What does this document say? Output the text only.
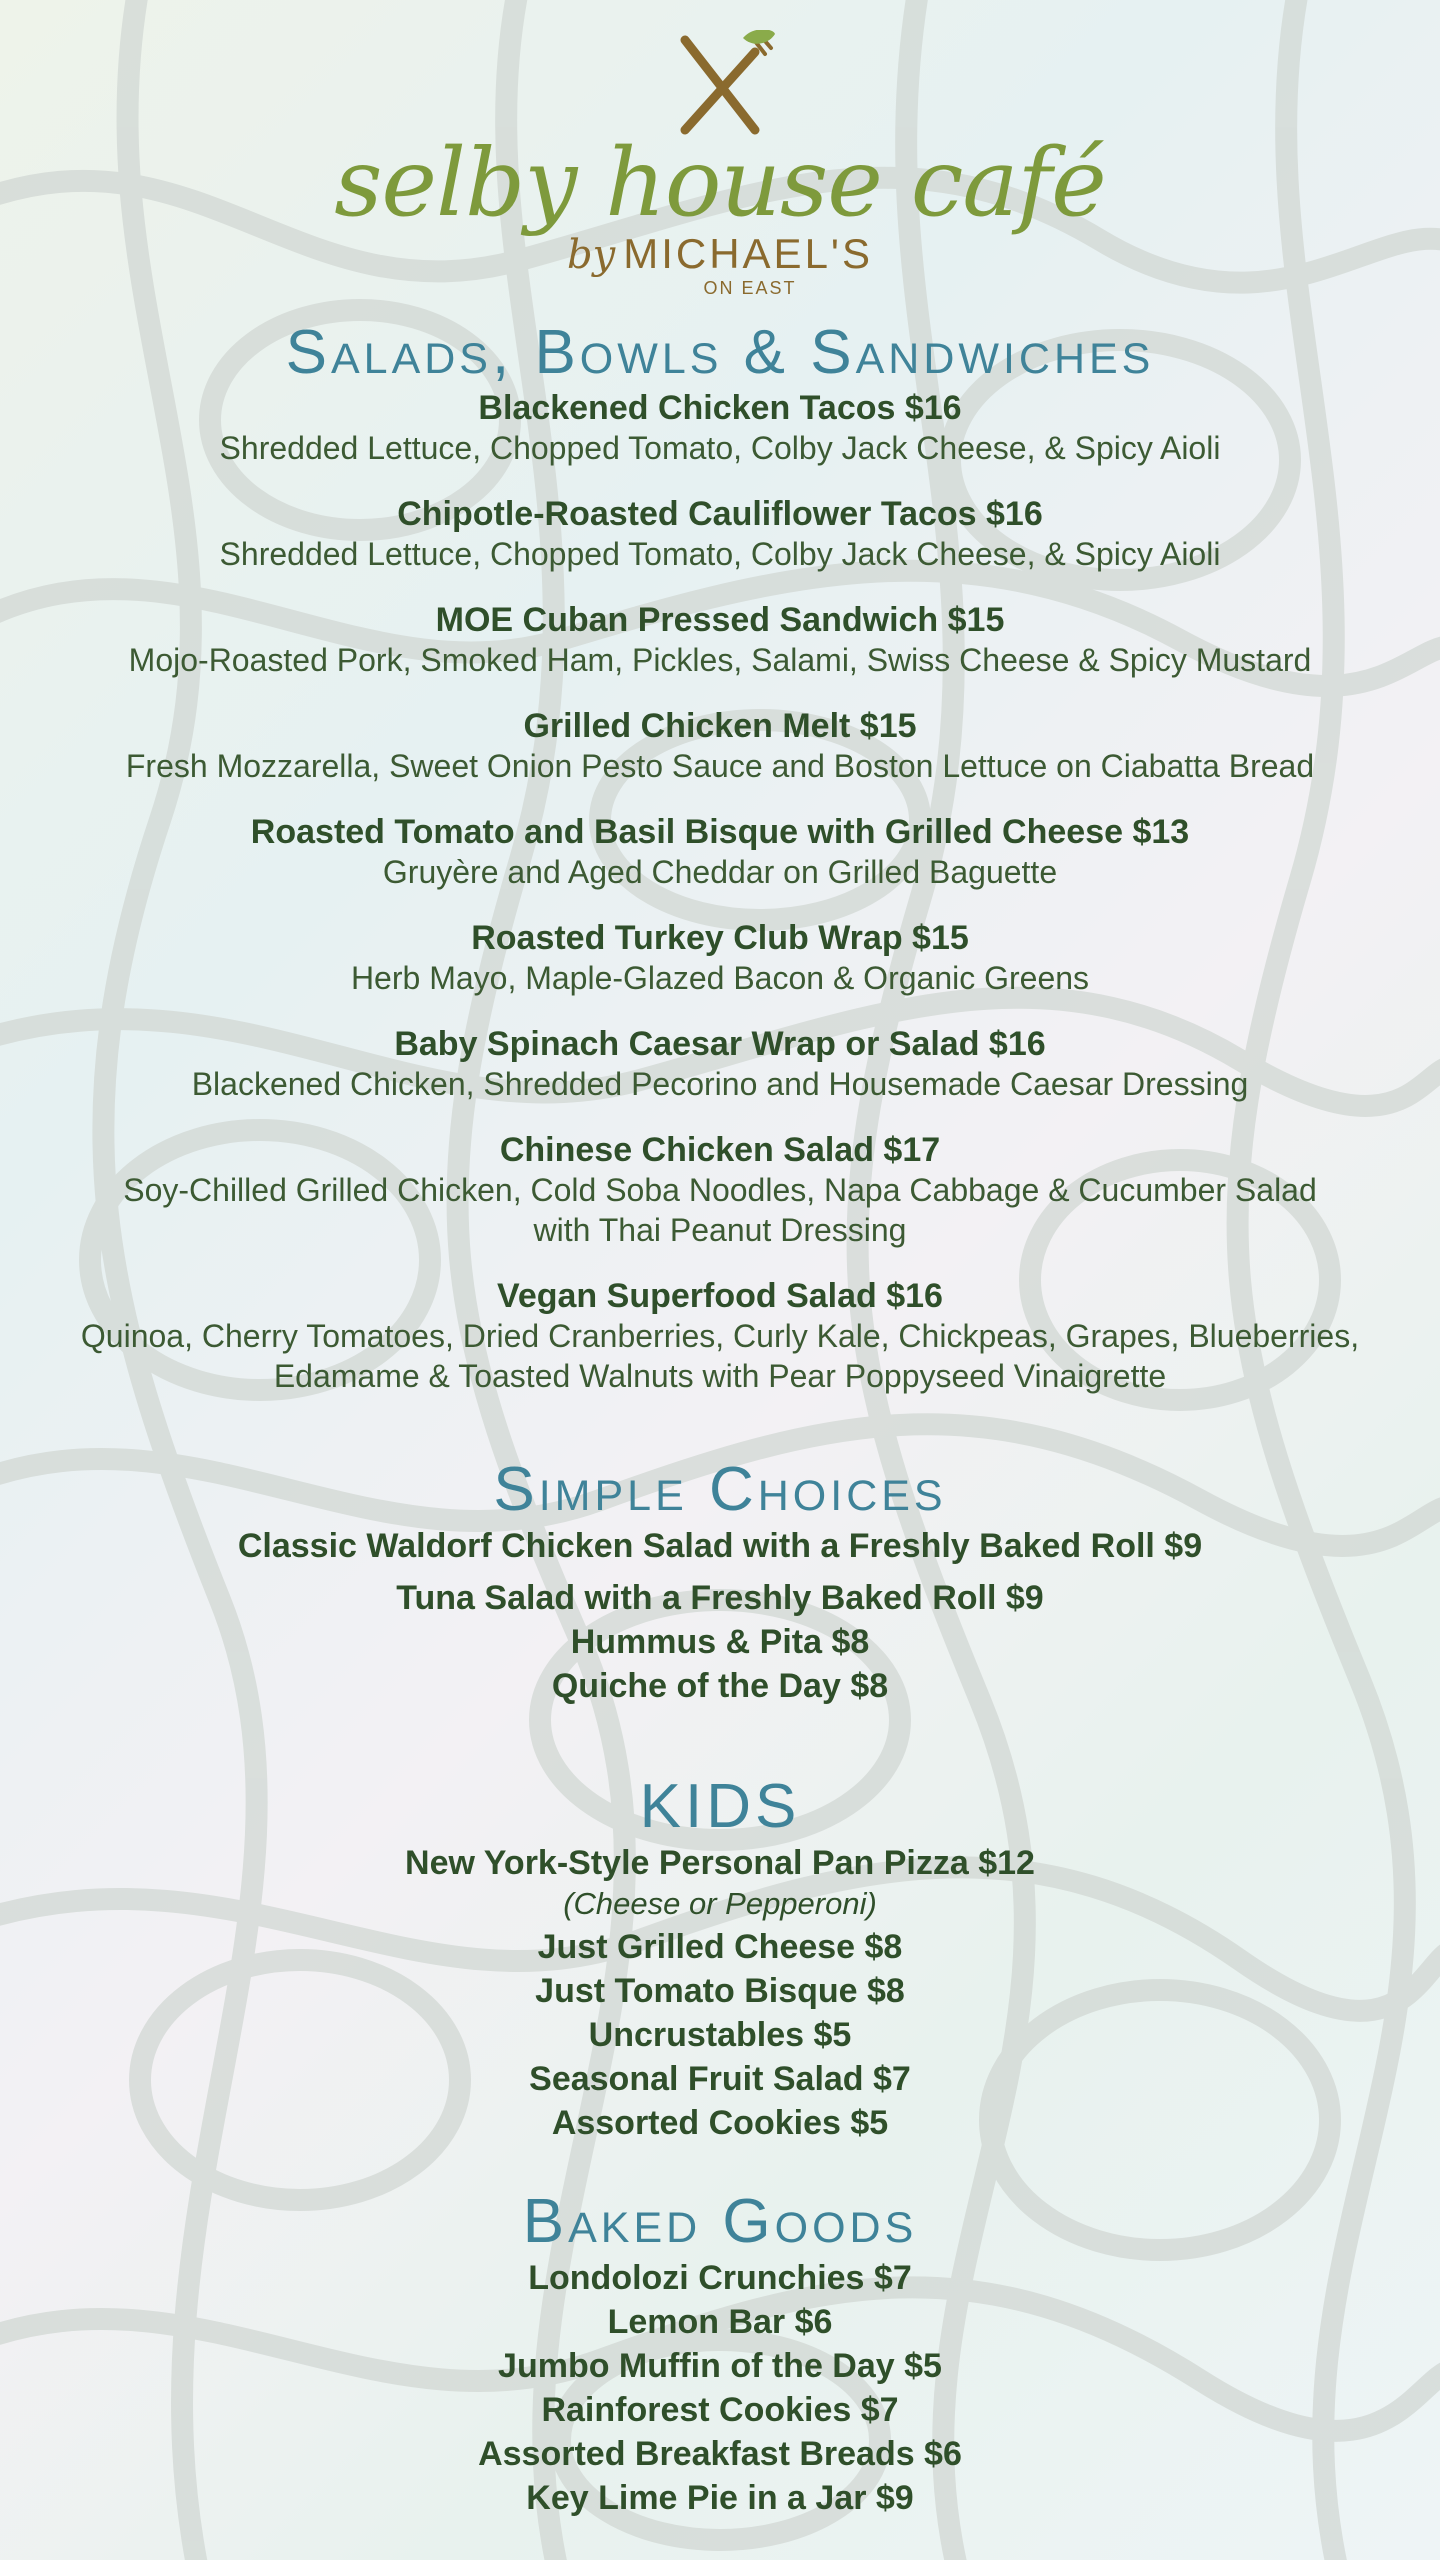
selby house café
by MICHAEL'S
ON EAST
Salads, Bowls & Sandwiches
Blackened Chicken Tacos $16
Shredded Lettuce, Chopped Tomato, Colby Jack Cheese, & Spicy Aioli
Chipotle-Roasted Cauliflower Tacos $16
Shredded Lettuce, Chopped Tomato, Colby Jack Cheese, & Spicy Aioli
MOE Cuban Pressed Sandwich $15
Mojo-Roasted Pork, Smoked Ham, Pickles, Salami, Swiss Cheese & Spicy Mustard
Grilled Chicken Melt $15
Fresh Mozzarella, Sweet Onion Pesto Sauce and Boston Lettuce on Ciabatta Bread
Roasted Tomato and Basil Bisque with Grilled Cheese $13
Gruyère and Aged Cheddar on Grilled Baguette
Roasted Turkey Club Wrap $15
Herb Mayo, Maple-Glazed Bacon & Organic Greens
Baby Spinach Caesar Wrap or Salad $16
Blackened Chicken, Shredded Pecorino and Housemade Caesar Dressing
Chinese Chicken Salad $17
Soy-Chilled Grilled Chicken, Cold Soba Noodles, Napa Cabbage & Cucumber Salad
with Thai Peanut Dressing
Vegan Superfood Salad $16
Quinoa, Cherry Tomatoes, Dried Cranberries, Curly Kale, Chickpeas, Grapes, Blueberries,
Edamame & Toasted Walnuts with Pear Poppyseed Vinaigrette
Simple Choices
Classic Waldorf Chicken Salad with a Freshly Baked Roll $9
Tuna Salad with a Freshly Baked Roll $9
Hummus & Pita $8
Quiche of the Day $8
KIDS
New York-Style Personal Pan Pizza $12
(Cheese or Pepperoni)
Just Grilled Cheese $8
Just Tomato Bisque $8
Uncrustables $5
Seasonal Fruit Salad $7
Assorted Cookies $5
Baked Goods
Londolozi Crunchies $7
Lemon Bar $6
Jumbo Muffin of the Day $5
Rainforest Cookies $7
Assorted Breakfast Breads $6
Key Lime Pie in a Jar $9
